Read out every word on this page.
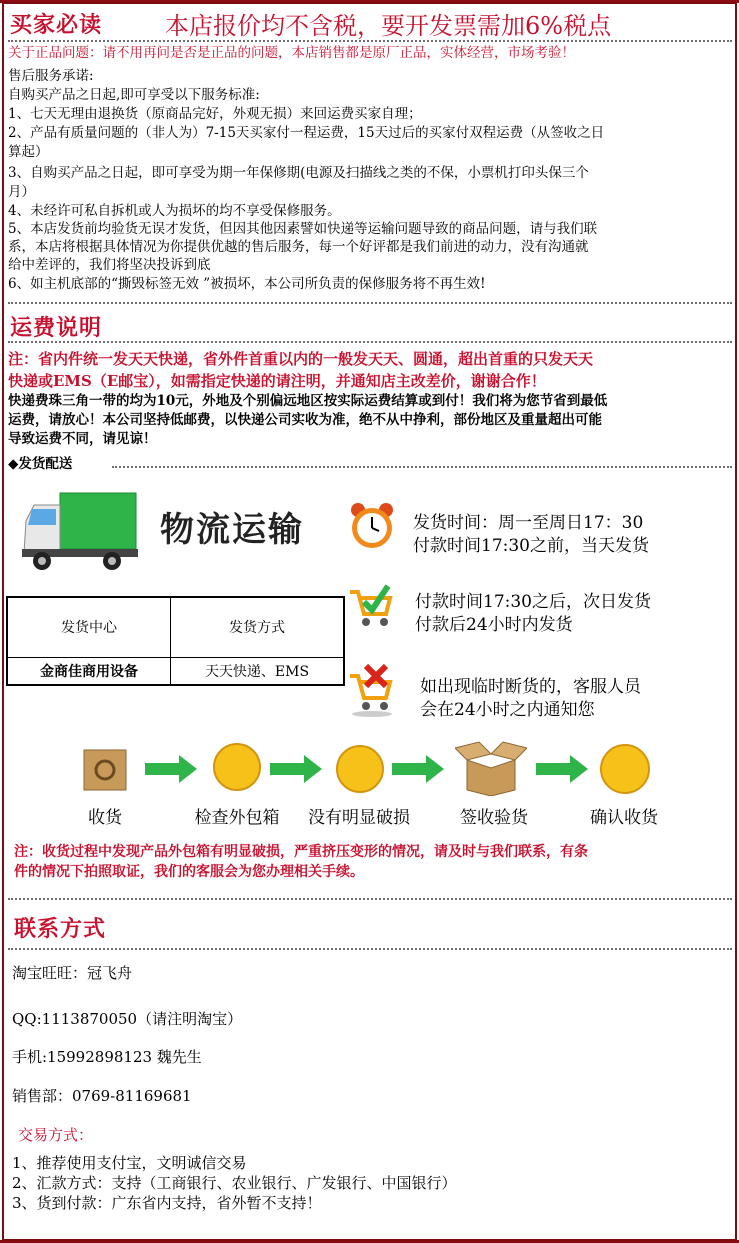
买家必读	本店报价均不含税，要开发票需加6%税点
关于正品问题：请不用再问是否是正品的问题，本店销售都是原厂正品，实体经营，市场考验！
售后服务承诺:
自购买产品之日起,即可享受以下服务标准:
1、七天无理由退换货（原商品完好，外观无损）来回运费买家自理；
2、产品有质量问题的（非人为）7-15天买家付一程运费，15天过后的买家付双程运费（从签收之日
算起）
3、自购买产品之日起，即可享受为期一年保修期(电源及扫描线之类的不保，小票机打印头保三个
月）
4、未经许可私自拆机或人为损坏的均不享受保修服务。
5、本店发货前均验货无误才发货，但因其他因素譬如快递等运输问题导致的商品问题，请与我们联
系，本店将根据具体情况为你提供优越的售后服务，每一个好评都是我们前进的动力，没有沟通就
给中差评的，我们将坚决投诉到底
6、如主机底部的“撕毁标签无效 ”被损坏，本公司所负责的保修服务将不再生效!
运费说明
注：省内件统一发天天快递，省外件首重以内的一般发天天、圆通，超出首重的只发天天
快递或EMS（E邮宝），如需指定快递的请注明，并通知店主改差价，谢谢合作！
快递费珠三角一带的均为10元，外地及个别偏远地区按实际运费结算或到付！我们将为您节省到最低
运费，请放心！本公司坚持低邮费，以快递公司实收为准，绝不从中挣利，部份地区及重量超出可能
导致运费不同，请见谅！
◆发货配送
物流运输	发货时间：周一至周日17：30
付款时间17:30之前，当天发货
付款时间17:30之后，次日发货
付款后24小时内发货
发货中心	发货方式
金商佳商用设备	天天快递、EMS
如出现临时断货的，客服人员
会在24小时之内通知您
收货	检查外包箱	没有明显破损	签收验货	确认收货
注：收货过程中发现产品外包箱有明显破损，严重挤压变形的情况，请及时与我们联系，有条
件的情况下拍照取证，我们的客服会为您办理相关手续。
联系方式
淘宝旺旺：冠飞舟
QQ:1113870050（请注明淘宝）
手机:15992898123 魏先生
销售部：0769-81169681
交易方式：
1、推荐使用支付宝，文明诚信交易
2、汇款方式：支持（工商银行、农业银行、广发银行、中国银行）
3、货到付款：广东省内支持，省外暂不支持！
